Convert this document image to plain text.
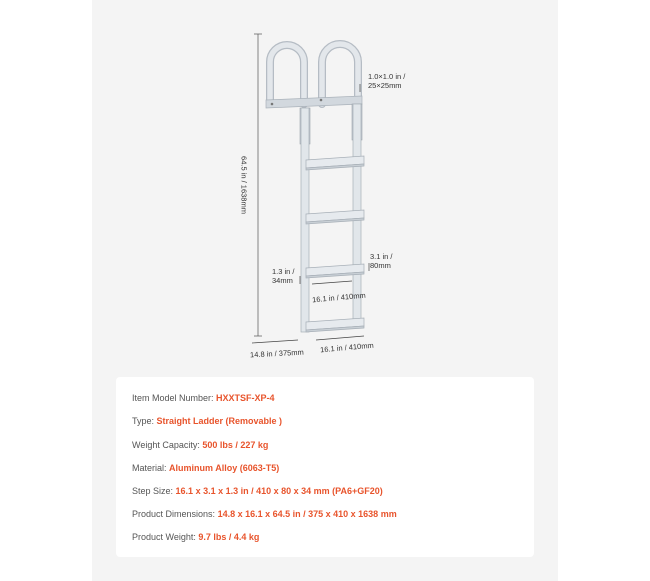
1.0×1.0 in /
25×25mm
64.5 in / 1638mm
3.1 in /
80mm
1.3 in /
34mm
16.1 in / 410mm
14.8 in / 375mm 16.1 in / 410mm
Item Model Number: HXXTSF-XP-4
Type: Straight Ladder (Removable )
Weight Capacity: 500 lbs / 227 kg
Material: Aluminum Alloy (6063-T5)
Step Size: 16.1 x 3.1 x 1.3 in / 410 x 80 x 34 mm (PA6+GF20)
Product Dimensions: 14.8 x 16.1 x 64.5 in / 375 x 410 x 1638 mm
Product Weight: 9.7 lbs / 4.4 kg
